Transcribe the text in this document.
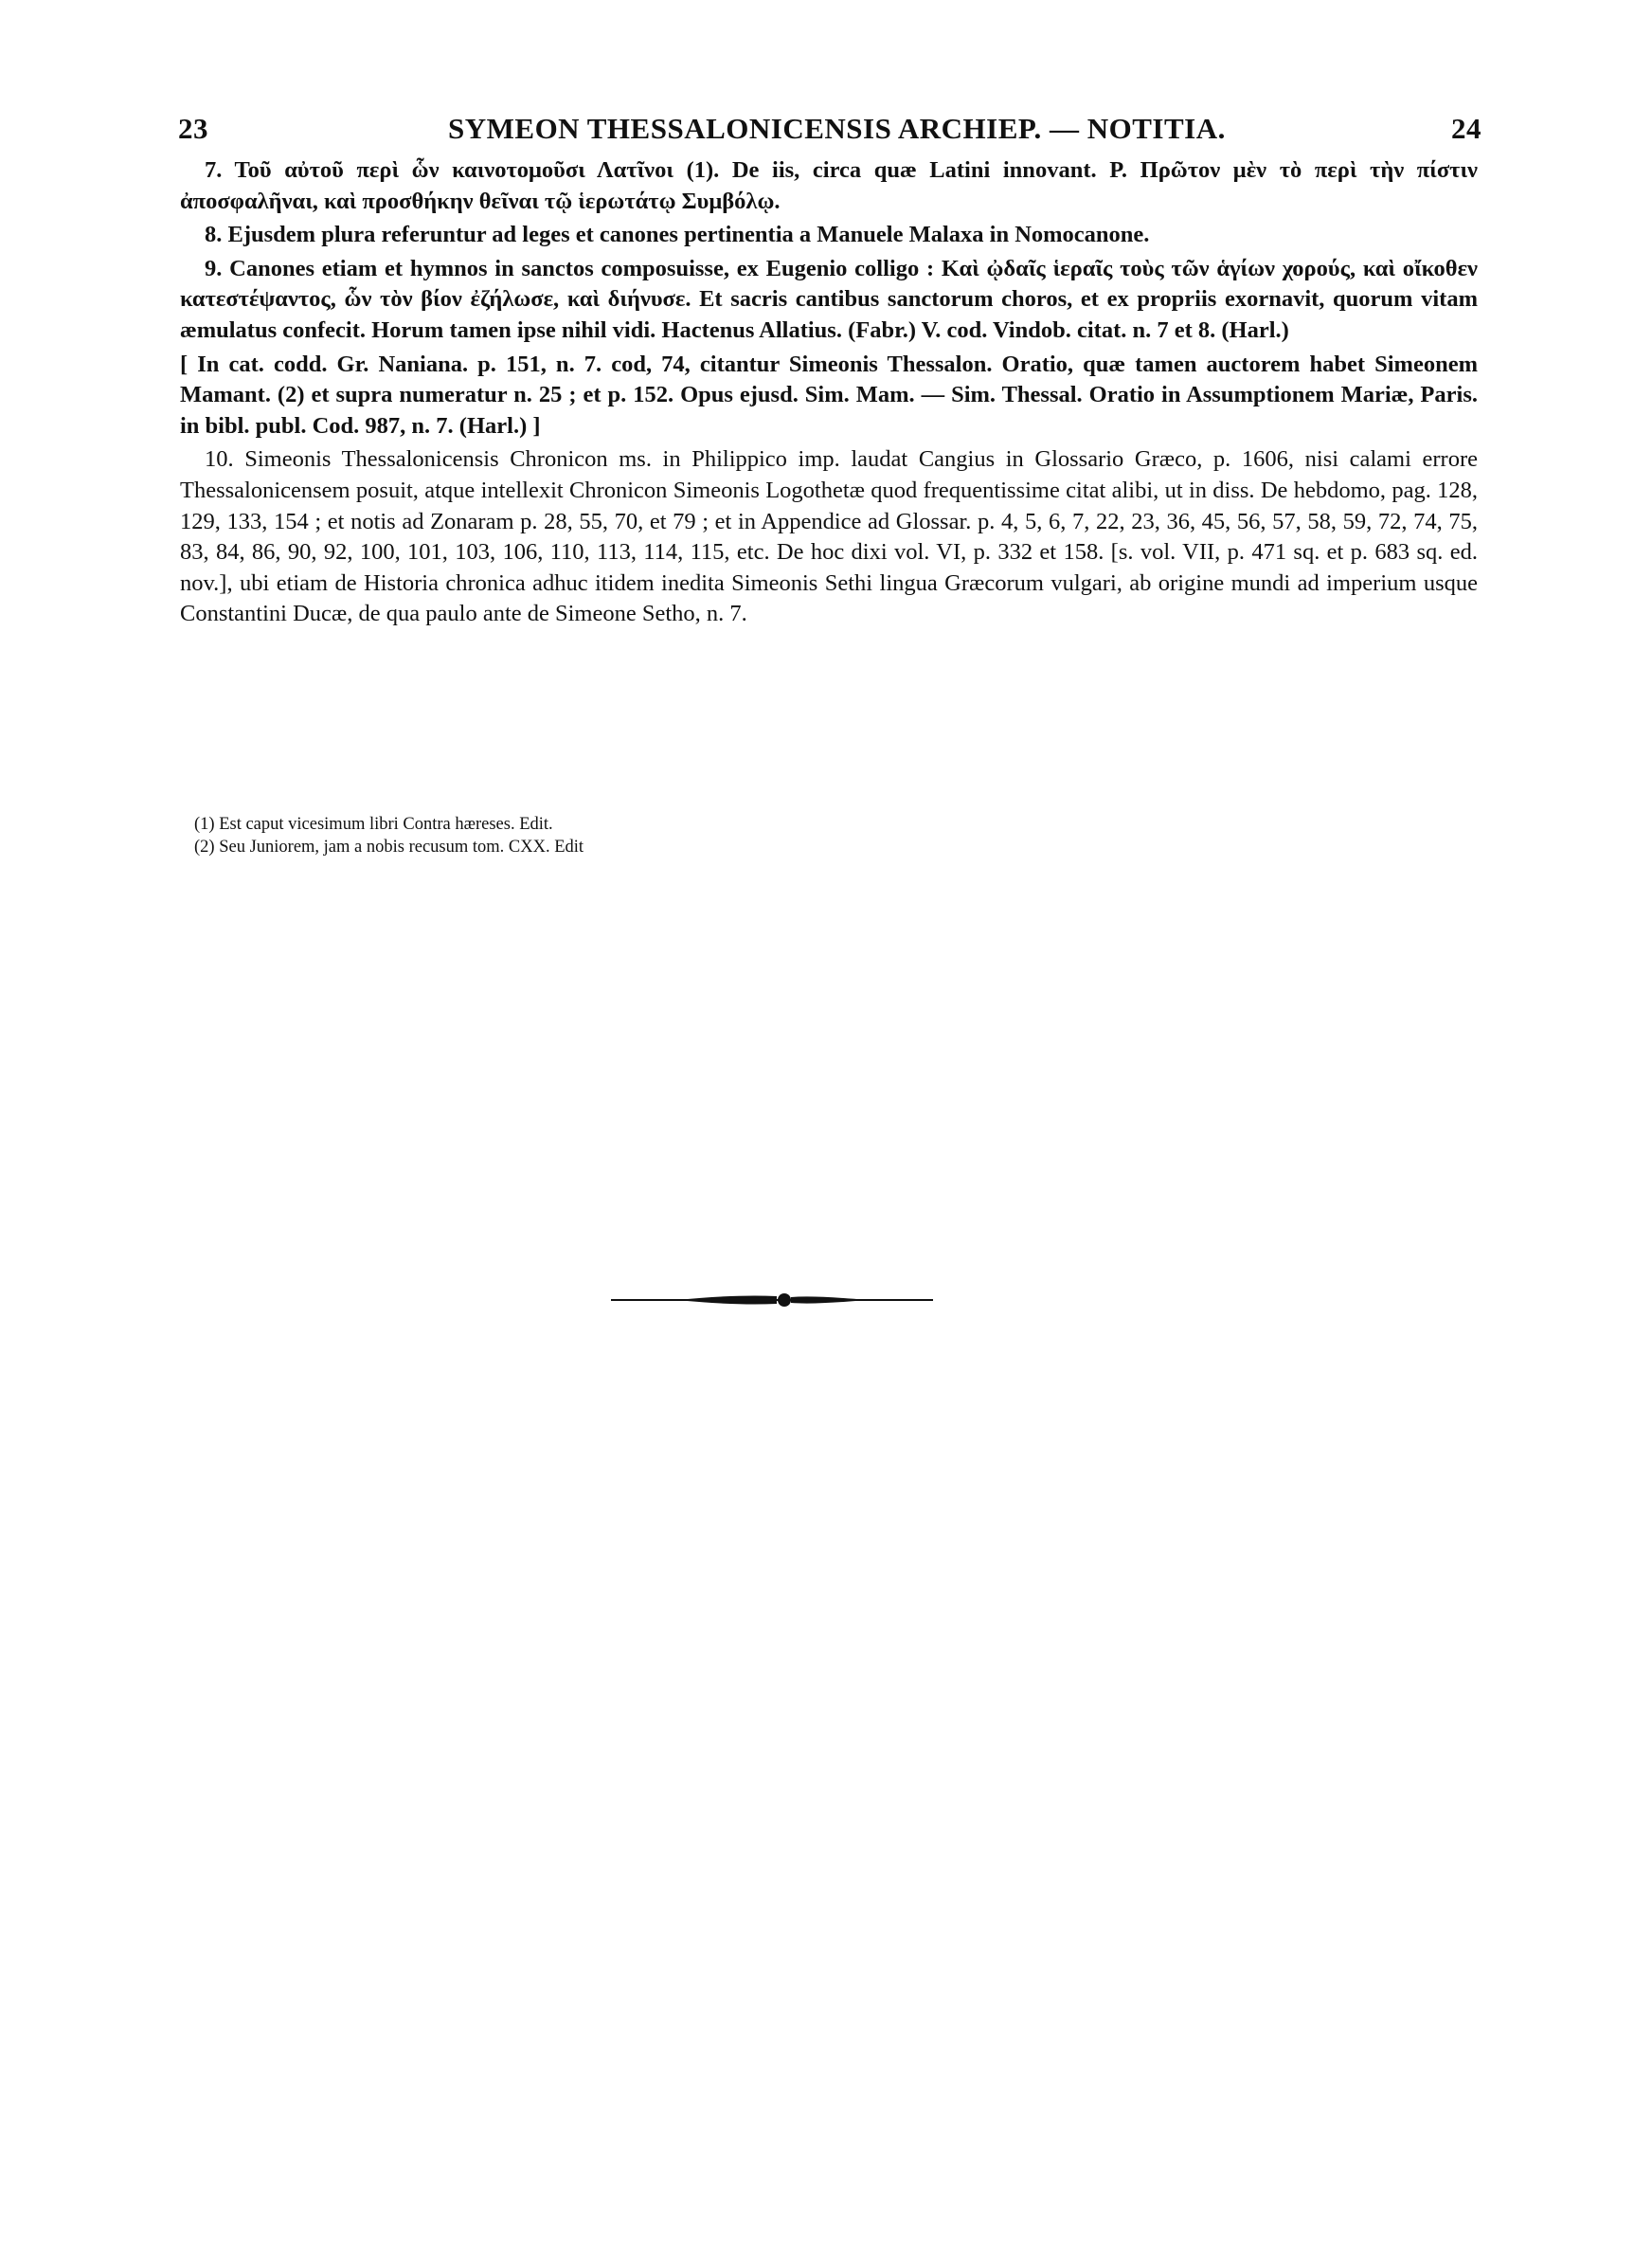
23	SYMEON THESSALONICENSIS ARCHIEP. — NOTITIA.	24

7. Τοῦ αὐτοῦ περὶ ὧν καινοτομοῦσι Λατῖνοι (1). De iis, circa quæ Latini innovant. P. Πρῶτον μὲν τὸ περὶ τὴν πίστιν ἀποσφαλῆναι, καὶ προσθήκην θεῖναι τῷ ἱερωτάτῳ Συμβόλῳ.

8. Ejusdem plura referuntur ad leges et canones pertinentia a Manuele Malaxa in Nomocanone.

9. Canones etiam et hymnos in sanctos composuisse, ex Eugenio colligo : Καὶ ᾠδαῖς ἱεραῖς τοὺς τῶν ἁγίων χορούς, καὶ οἴκοθεν κατεστέψαντος, ὧν τὸν βίον ἐζήλωσε, καὶ διήνυσε. Et sacris cantibus sanctorum choros, et ex propriis exornavit, quorum vitam æmulatus confecit. Horum tamen ipse nihil vidi. Hactenus Allatius. (Fabr.) V. cod. Vindob. citat. n. 7 et 8. (Harl.)

[ In cat. codd. Gr. Naniana. p. 151, n. 7. cod, 74, citantur Simeonis Thessalon. Oratio, quæ tamen auctorem habet Simeonem Mamant. (2) et supra numeratur n. 25 ; et p. 152. Opus ejusd. Sim. Mam. — Sim. Thessal. Oratio in Assumptionem Mariæ, Paris. in bibl. publ. Cod. 987, n. 7. (Harl.) ]

10. Simeonis Thessalonicensis Chronicon ms. in Philippico imp. laudat Cangius in Glossario Græco, p. 1606, nisi calami errore Thessalonicensem posuit, atque intellexit Chronicon Simeonis Logothetæ quod frequentissime citat alibi, ut in diss. De hebdomo, pag. 128, 129, 133, 154 ; et notis ad Zonaram p. 28, 55, 70, et 79 ; et in Appendice ad Glossar. p. 4, 5, 6, 7, 22, 23, 36, 45, 56, 57, 58, 59, 72, 74, 75, 83, 84, 86, 90, 92, 100, 101, 103, 106, 110, 113, 114, 115, etc. De hoc dixi vol. VI, p. 332 et 158. [s. vol. VII, p. 471 sq. et p. 683 sq. ed. nov.], ubi etiam de Historia chronica adhuc itidem inedita Simeonis Sethi lingua Græcorum vulgari, ab origine mundi ad imperium usque Constantini Ducæ, de qua paulo ante de Simeone Setho, n. 7.

(1) Est caput vicesimum libri Contra hæreses. Edit.

(2) Seu Juniorem, jam a nobis recusum tom. CXX. Edit
